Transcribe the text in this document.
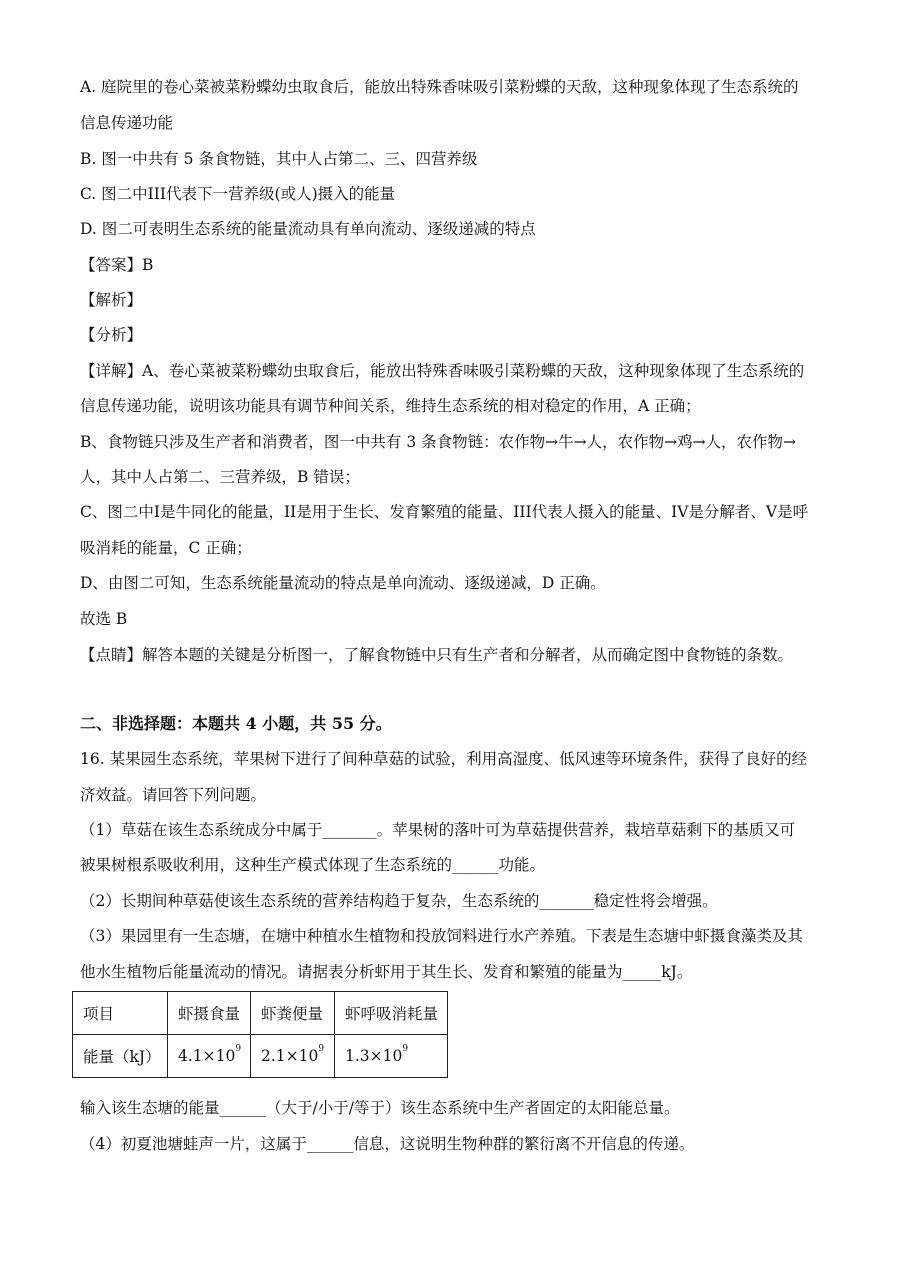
A. 庭院里的卷心菜被菜粉蝶幼虫取食后，能放出特殊香味吸引菜粉蝶的天敌，这种现象体现了生态系统的
信息传递功能
B. 图一中共有 5 条食物链，其中人占第二、三、四营养级
C. 图二中III代表下一营养级(或人)摄入的能量
D. 图二可表明生态系统的能量流动具有单向流动、逐级递减的特点
【答案】B
【解析】
【分析】
【详解】A、卷心菜被菜粉蝶幼虫取食后，能放出特殊香味吸引菜粉蝶的天敌，这种现象体现了生态系统的
信息传递功能，说明该功能具有调节种间关系，维持生态系统的相对稳定的作用，A 正确；
B、食物链只涉及生产者和消费者，图一中共有 3 条食物链：农作物→牛→人，农作物→鸡→人，农作物→
人，其中人占第二、三营养级，B 错误；
C、图二中I是牛同化的能量，II是用于生长、发育繁殖的能量、III代表人摄入的能量、IV是分解者、V是呼
吸消耗的能量，C 正确；
D、由图二可知，生态系统能量流动的特点是单向流动、逐级递减，D 正确。
故选 B
【点睛】解答本题的关键是分析图一，了解食物链中只有生产者和分解者，从而确定图中食物链的条数。
二、非选择题：本题共 4 小题，共 55 分。
16. 某果园生态系统，苹果树下进行了间种草菇的试验，利用高湿度、低风速等环境条件，获得了良好的经
济效益。请回答下列问题。
（1）草菇在该生态系统成分中属于_______。苹果树的落叶可为草菇提供营养，栽培草菇剩下的基质又可
被果树根系吸收利用，这种生产模式体现了生态系统的______功能。
（2）长期间种草菇使该生态系统的营养结构趋于复杂，生态系统的_______稳定性将会增强。
（3）果园里有一生态塘，在塘中种植水生植物和投放饲料进行水产养殖。下表是生态塘中虾摄食藻类及其
他水生植物后能量流动的情况。请据表分析虾用于其生长、发育和繁殖的能量为_____kJ。
项目	虾摄食量	虾粪便量	虾呼吸消耗量
能量（kJ）	$4.1\times 10^9$	$2.1\times 10^9$	$1.3\times 10^9$
输入该生态塘的能量______（大于/小于/等于）该生态系统中生产者固定的太阳能总量。
（4）初夏池塘蛙声一片，这属于______信息，这说明生物种群的繁衍离不开信息的传递。
